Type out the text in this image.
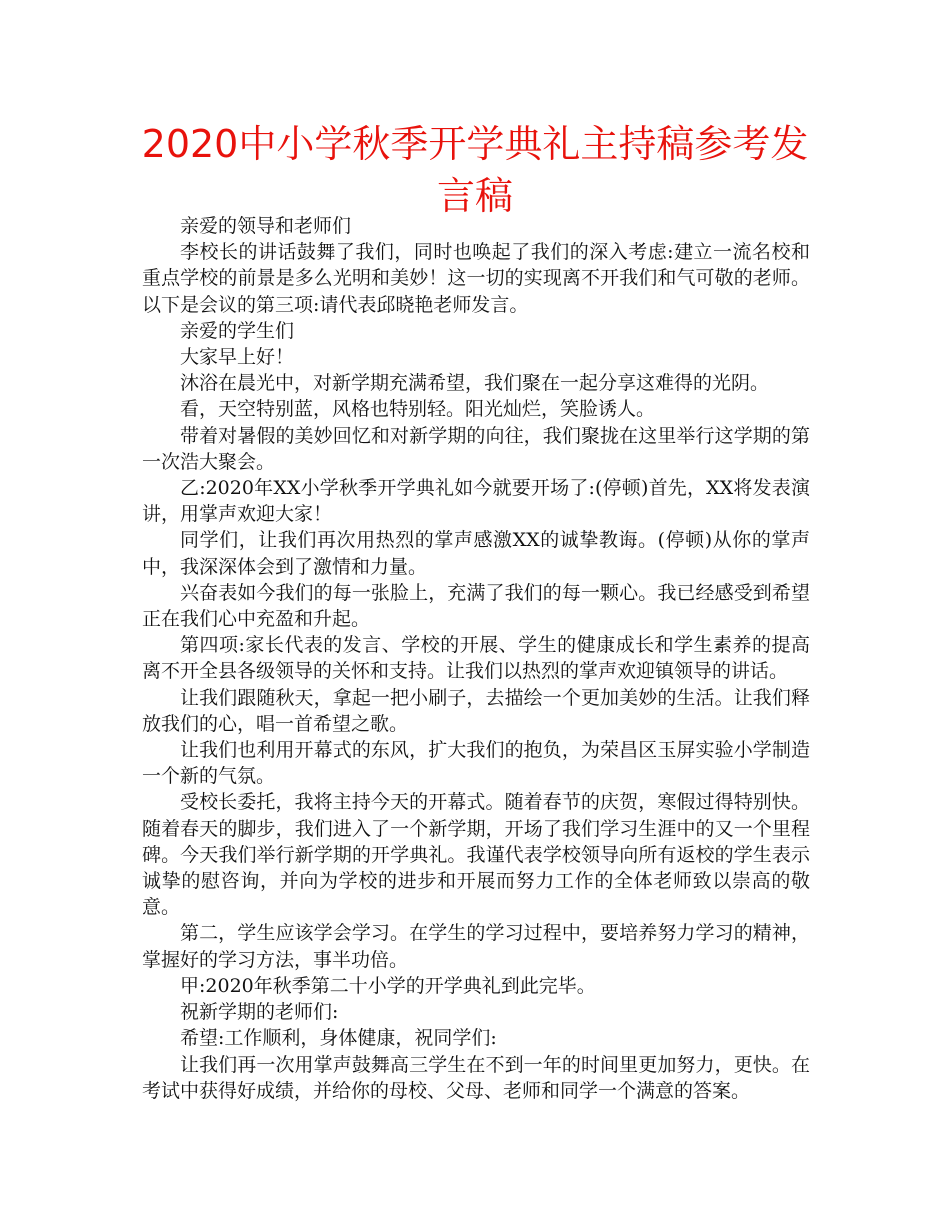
2020中小学秋季开学典礼主持稿参考发言稿

亲爱的领导和老师们

李校长的讲话鼓舞了我们，同时也唤起了我们的深入考虑:建立一流名校和重点学校的前景是多么光明和美妙！这一切的实现离不开我们和气可敬的老师。以下是会议的第三项:请代表邱晓艳老师发言。

亲爱的学生们

大家早上好！

沐浴在晨光中，对新学期充满希望，我们聚在一起分享这难得的光阴。

看，天空特别蓝，风格也特别轻。阳光灿烂，笑脸诱人。

带着对暑假的美妙回忆和对新学期的向往，我们聚拢在这里举行这学期的第一次浩大聚会。

乙:2020年XX小学秋季开学典礼如今就要开场了:(停顿)首先，XX将发表演讲，用掌声欢迎大家！

同学们，让我们再次用热烈的掌声感激XX的诚挚教诲。(停顿)从你的掌声中，我深深体会到了激情和力量。

兴奋表如今我们的每一张脸上，充满了我们的每一颗心。我已经感受到希望正在我们心中充盈和升起。

第四项:家长代表的发言、学校的开展、学生的健康成长和学生素养的提高离不开全县各级领导的关怀和支持。让我们以热烈的掌声欢迎镇领导的讲话。

让我们跟随秋天，拿起一把小刷子，去描绘一个更加美妙的生活。让我们释放我们的心，唱一首希望之歌。

让我们也利用开幕式的东风，扩大我们的抱负，为荣昌区玉屏实验小学制造一个新的气氛。

受校长委托，我将主持今天的开幕式。随着春节的庆贺，寒假过得特别快。随着春天的脚步，我们进入了一个新学期，开场了我们学习生涯中的又一个里程碑。今天我们举行新学期的开学典礼。我谨代表学校领导向所有返校的学生表示诚挚的慰咨询，并向为学校的进步和开展而努力工作的全体老师致以崇高的敬意。

第二，学生应该学会学习。在学生的学习过程中，要培养努力学习的精神，掌握好的学习方法，事半功倍。

甲:2020年秋季第二十小学的开学典礼到此完毕。

祝新学期的老师们:

希望:工作顺利，身体健康，祝同学们:

让我们再一次用掌声鼓舞高三学生在不到一年的时间里更加努力，更快。在考试中获得好成绩，并给你的母校、父母、老师和同学一个满意的答案。
